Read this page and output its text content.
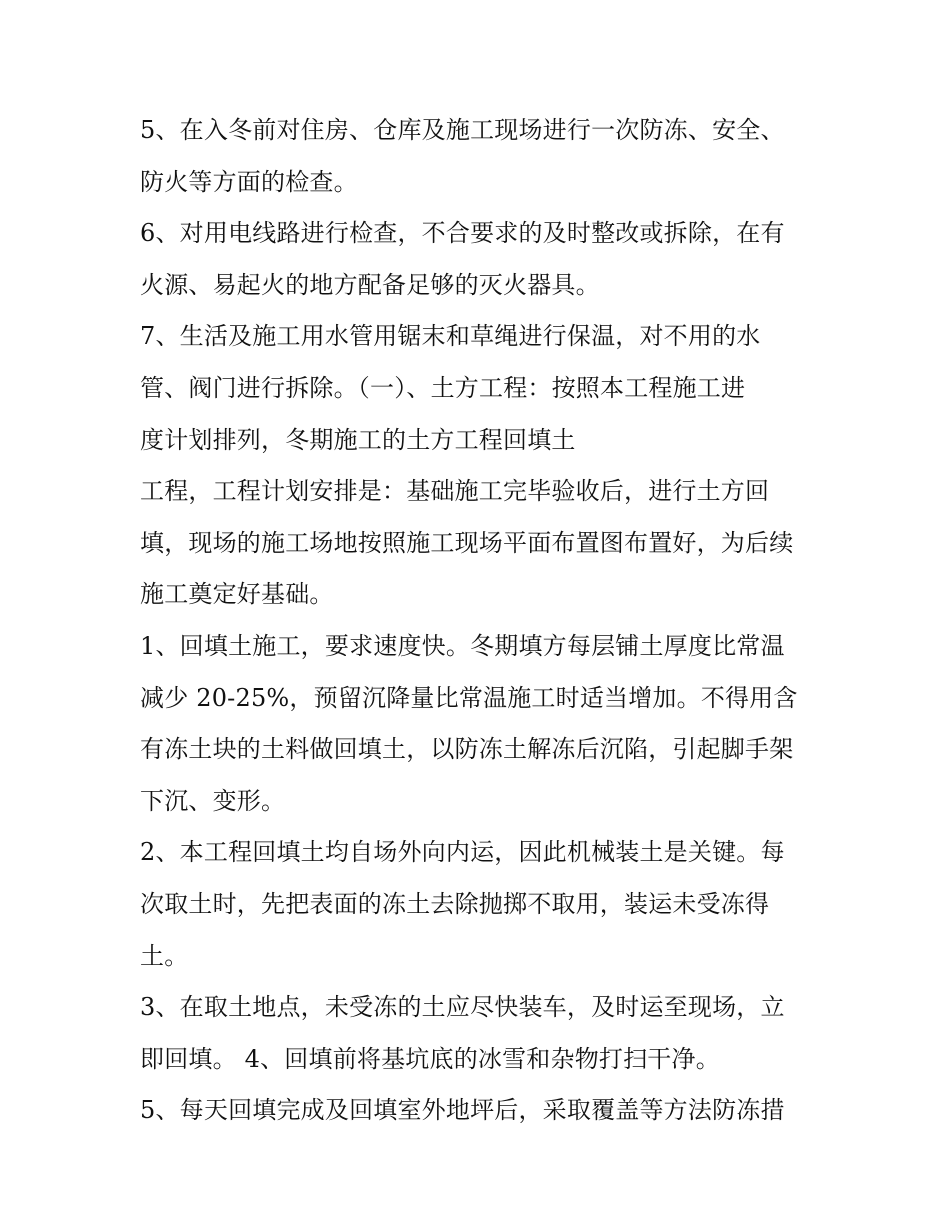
5、在入冬前对住房、仓库及施工现场进行一次防冻、安全、
防火等方面的检查。
6、对用电线路进行检查，不合要求的及时整改或拆除，在有
火源、易起火的地方配备足够的灭火器具。
7、生活及施工用水管用锯末和草绳进行保温，对不用的水
管、阀门进行拆除。（一）、土方工程：按照本工程施工进
度计划排列，冬期施工的土方工程回填土
工程，工程计划安排是：基础施工完毕验收后，进行土方回
填，现场的施工场地按照施工现场平面布置图布置好，为后续
施工奠定好基础。
1、回填土施工，要求速度快。冬期填方每层铺土厚度比常温
减少 20-25%，预留沉降量比常温施工时适当增加。不得用含
有冻土块的土料做回填土，以防冻土解冻后沉陷，引起脚手架
下沉、变形。
2、本工程回填土均自场外向内运，因此机械装土是关键。每
次取土时，先把表面的冻土去除抛掷不取用，装运未受冻得
土。
3、在取土地点，未受冻的土应尽快装车，及时运至现场，立
即回填。 4、回填前将基坑底的冰雪和杂物打扫干净。
5、每天回填完成及回填室外地坪后，采取覆盖等方法防冻措
